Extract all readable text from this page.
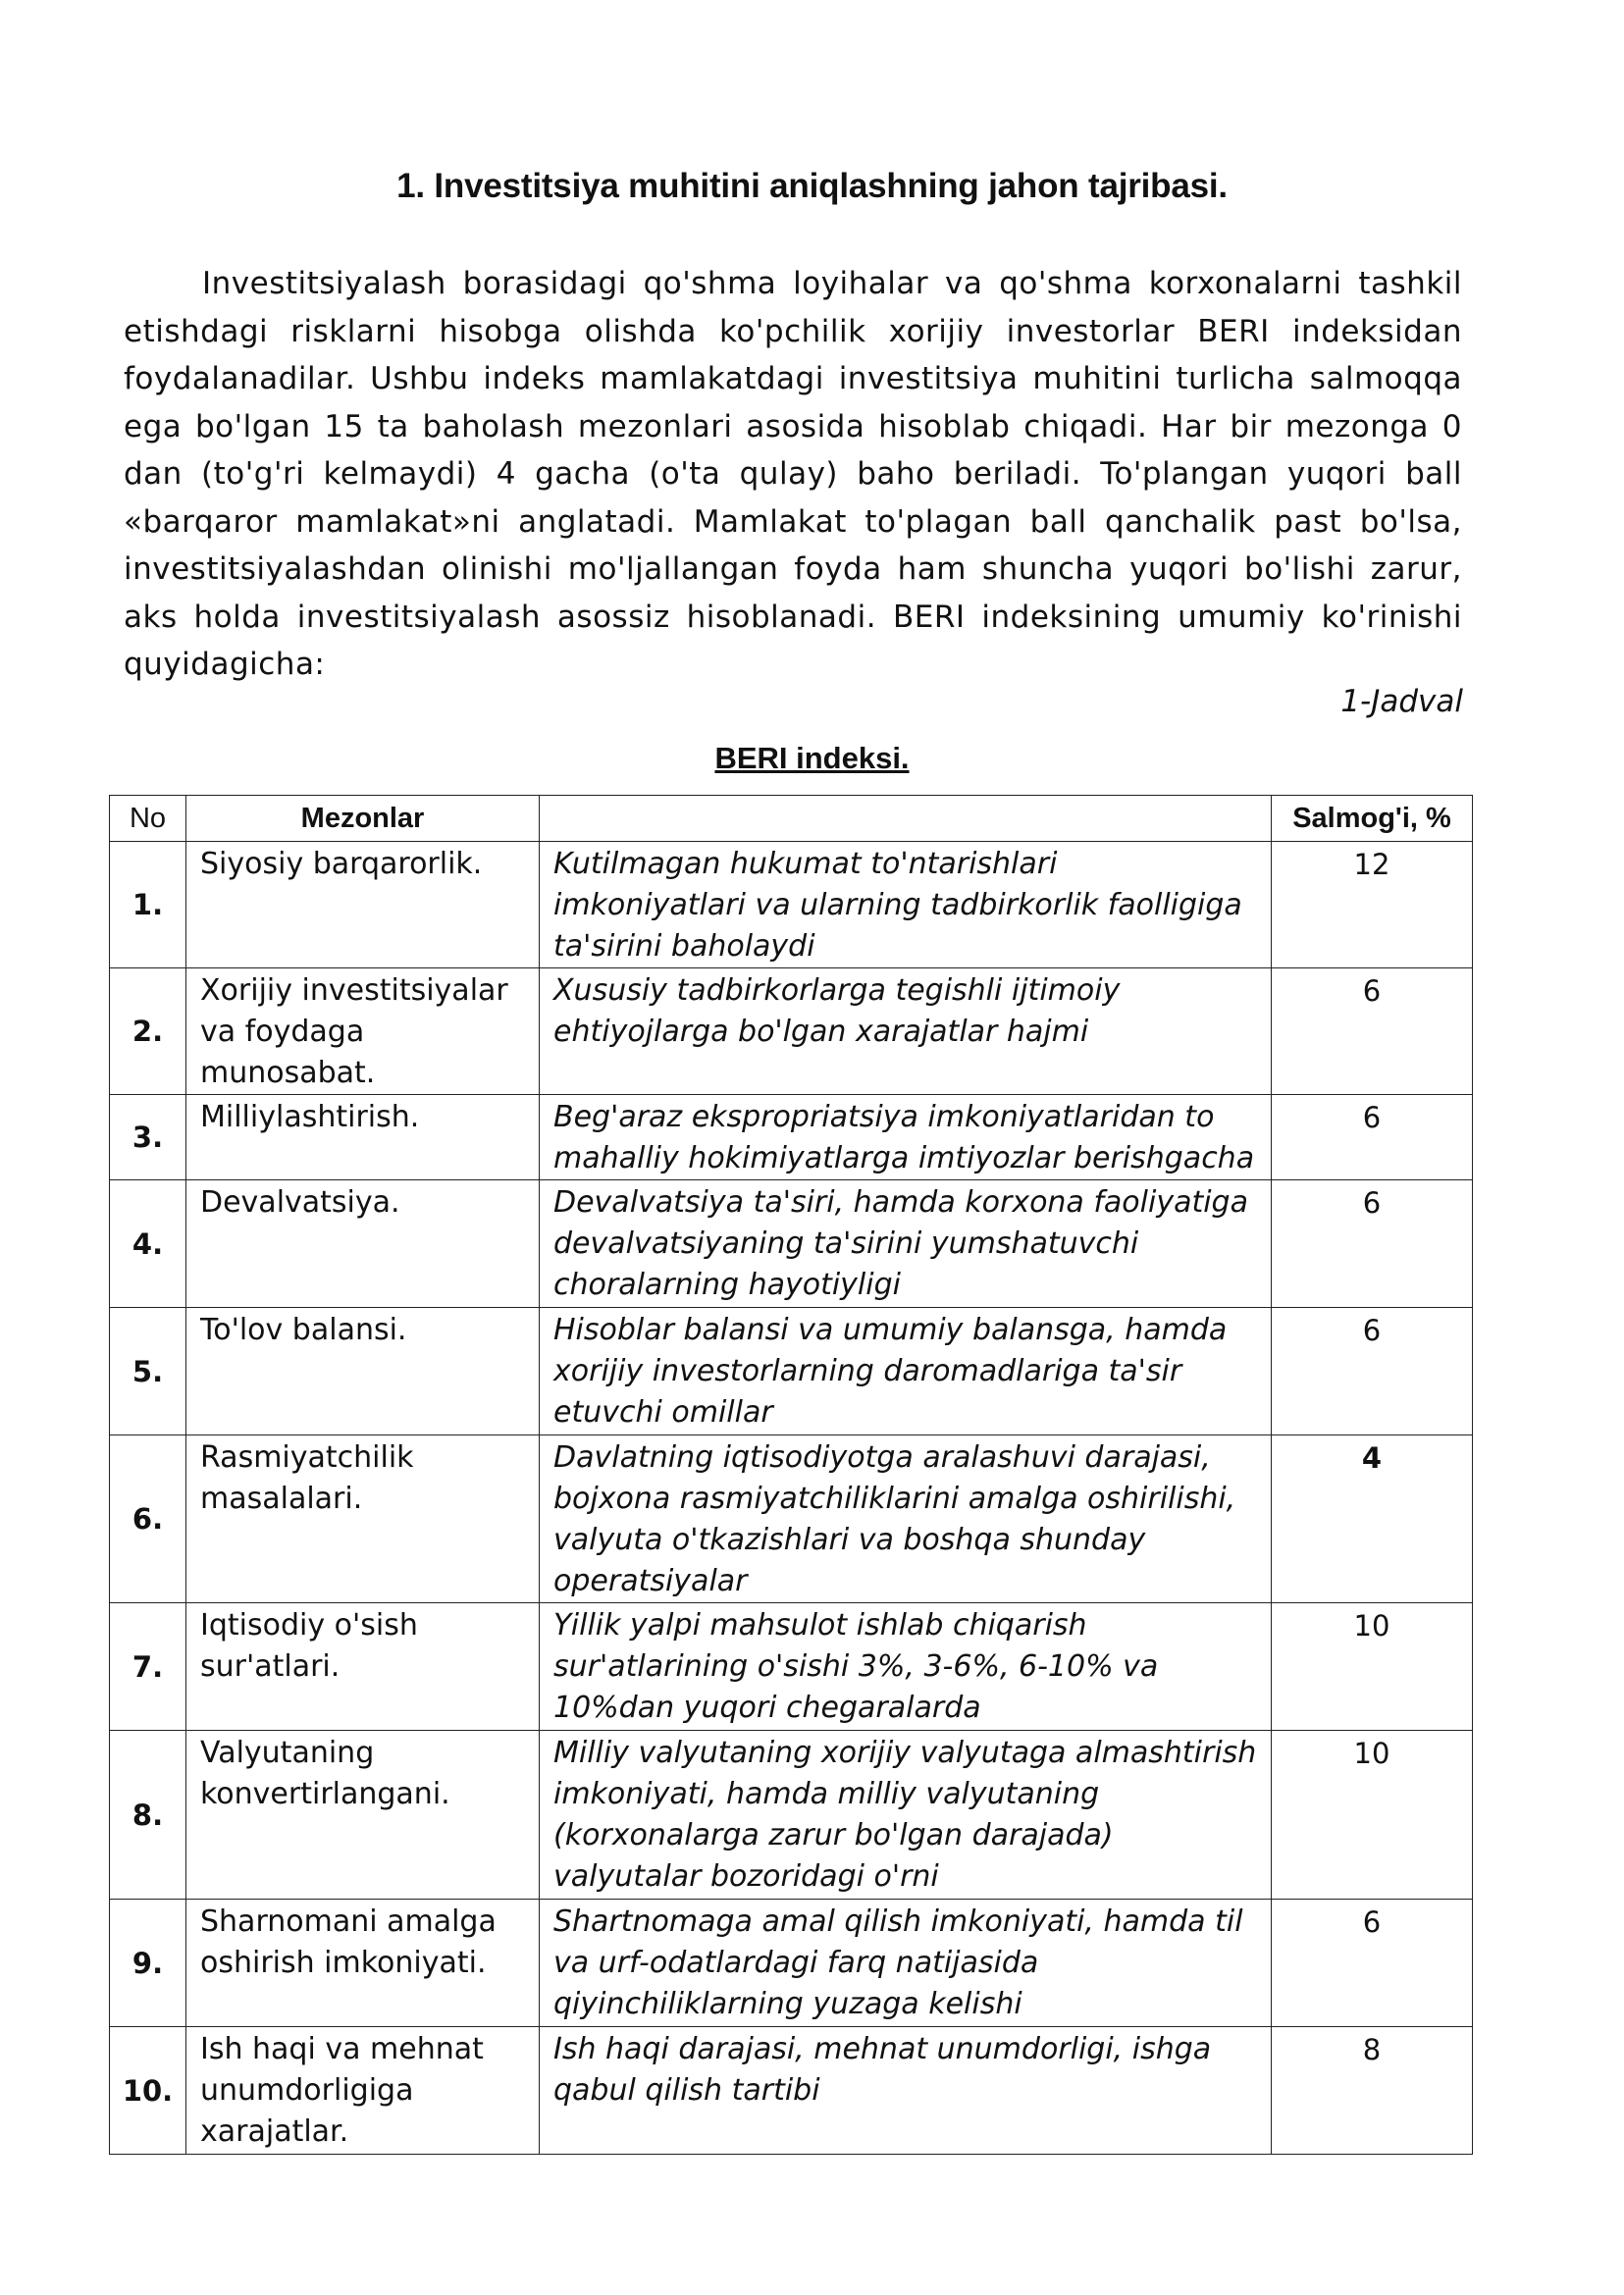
1. Investitsiya muhitini aniqlashning jahon tajribasi.

Investitsiyalash borasidagi qo'shma loyihalar va qo'shma korxonalarni tashkil etishdagi risklarni hisobga olishda ko'pchilik xorijiy investorlar BERI indeksidan foydalanadilar. Ushbu indeks mamlakatdagi investitsiya muhitini turlicha salmoqqa ega bo'lgan 15 ta baholash mezonlari asosida hisoblab chiqadi. Har bir mezonga 0 dan (to'g'ri kelmaydi) 4 gacha (o'ta qulay) baho beriladi. To'plangan yuqori ball «barqaror mamlakat»ni anglatadi. Mamlakat to'plagan ball qanchalik past bo'lsa, investitsiyalashdan olinishi mo'ljallangan foyda ham shuncha yuqori bo'lishi zarur, aks holda investitsiyalash asossiz hisoblanadi. BERI indeksining umumiy ko'rinishi quyidagicha:

1-Jadval

BERI indeksi.

No	Mezonlar		Salmog'i, %
1.	Siyosiy barqarorlik.	Kutilmagan hukumat to'ntarishlari imkoniyatlari va ularning tadbirkorlik faolligiga ta'sirini baholaydi	12
2.	Xorijiy investitsiyalar va foydaga munosabat.	Xususiy tadbirkorlarga tegishli ijtimoiy ehtiyojlarga bo'lgan xarajatlar hajmi	6
3.	Milliylashtirish.	Beg'araz ekspropriatsiya imkoniyatlaridan to mahalliy hokimiyatlarga imtiyozlar berishgacha	6
4.	Devalvatsiya.	Devalvatsiya ta'siri, hamda korxona faoliyatiga devalvatsiyaning ta'sirini yumshatuvchi choralarning hayotiyligi	6
5.	To'lov balansi.	Hisoblar balansi va umumiy balansga, hamda xorijiy investorlarning daromadlariga ta'sir etuvchi omillar	6
6.	Rasmiyatchilik masalalari.	Davlatning iqtisodiyotga aralashuvi darajasi, bojxona rasmiyatchiliklarini amalga oshirilishi, valyuta o'tkazishlari va boshqa shunday operatsiyalar	4
7.	Iqtisodiy o'sish sur'atlari.	Yillik yalpi mahsulot ishlab chiqarish sur'atlarining o'sishi 3%, 3-6%, 6-10% va 10%dan yuqori chegaralarda	10
8.	Valyutaning konvertirlangani.	Milliy valyutaning xorijiy valyutaga almashtirish imkoniyati, hamda milliy valyutaning (korxonalarga zarur bo'lgan darajada) valyutalar bozoridagi o'rni	10
9.	Sharnomani amalga oshirish imkoniyati.	Shartnomaga amal qilish imkoniyati, hamda til va urf-odatlardagi farq natijasida qiyinchiliklarning yuzaga kelishi	6
10.	Ish haqi va mehnat unumdorligiga xarajatlar.	Ish haqi darajasi, mehnat unumdorligi, ishga qabul qilish tartibi	8
